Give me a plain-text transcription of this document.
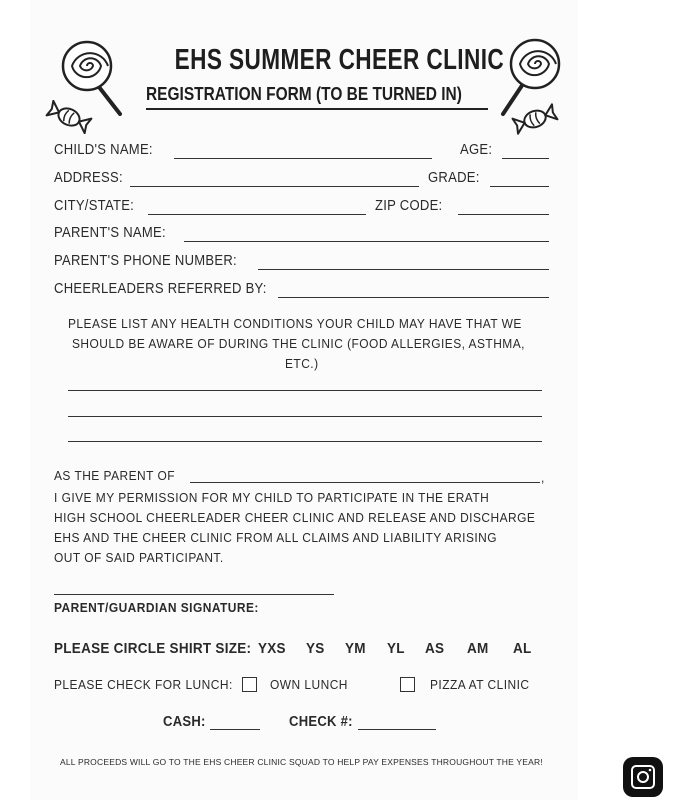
EHS SUMMER CHEER CLINIC
REGISTRATION FORM (TO BE TURNED IN)
CHILD'S NAME:	AGE:
ADDRESS:	GRADE:
CITY/STATE:	ZIP CODE:
PARENT'S NAME:
PARENT'S PHONE NUMBER:
CHEERLEADERS REFERRED BY:
PLEASE LIST ANY HEALTH CONDITIONS YOUR CHILD MAY HAVE THAT WE
SHOULD BE AWARE OF DURING THE CLINIC (FOOD ALLERGIES, ASTHMA,
ETC.)
AS THE PARENT OF	,
I GIVE MY PERMISSION FOR MY CHILD TO PARTICIPATE IN THE ERATH
HIGH SCHOOL CHEERLEADER CHEER CLINIC AND RELEASE AND DISCHARGE
EHS AND THE CHEER CLINIC FROM ALL CLAIMS AND LIABILITY ARISING
OUT OF SAID PARTICIPANT.
PARENT/GUARDIAN SIGNATURE:
PLEASE CIRCLE SHIRT SIZE: YXS YS YM YL AS AM AL
PLEASE CHECK FOR LUNCH:	OWN LUNCH	PIZZA AT CLINIC
CASH:	CHECK #:
ALL PROCEEDS WILL GO TO THE EHS CHEER CLINIC SQUAD TO HELP PAY EXPENSES THROUGHOUT THE YEAR!
